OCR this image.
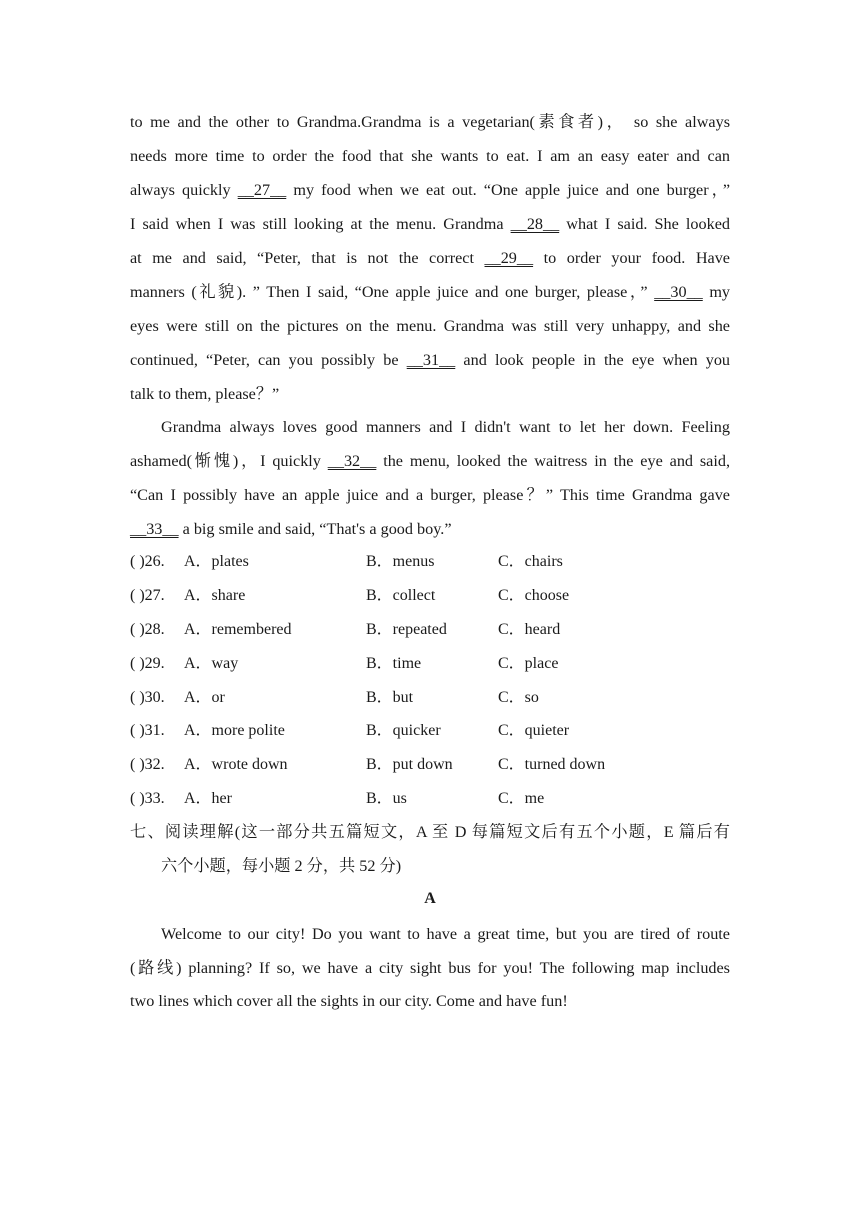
to me and the other to Grandma.Grandma is a vegetarian(素食者)， so she always
needs more time to order the food that she wants to eat. I am an easy eater and can
always quickly __27__ my food when we eat out. “One apple juice and one burger，”
I said when I was still looking at the menu. Grandma __28__ what I said. She looked
at me and said, “Peter, that is not the correct __29__ to order your food. Have
manners (礼貌). ” Then I said, “One apple juice and one burger, please，” __30__ my
eyes were still on the pictures on the menu. Grandma was still very unhappy, and she
continued, “Peter, can you possibly be __31__ and look people in the eye when you
talk to them, please？”
Grandma always loves good manners and I didn't want to let her down. Feeling
ashamed(惭愧)，I quickly __32__ the menu, looked the waitress in the eye and said,
“Can I possibly have an apple juice and a burger, please？” This time Grandma gave
__33__ a big smile and said, “That's a good boy.”
( )26. A．plates	B．menus	C．chairs
( )27. A．share	B．collect	C．choose
( )28. A．remembered	B．repeated	C．heard
( )29. A．way	B．time	C．place
( )30. A．or	B．but	C．so
( )31. A．more polite	B．quicker	C．quieter
( )32. A．wrote down	B．put down	C．turned down
( )33. A．her	B．us	C．me
七、阅读理解(这一部分共五篇短文，A 至 D 每篇短文后有五个小题，E 篇后有
六个小题，每小题 2 分，共 52 分)
A
Welcome to our city! Do you want to have a great time, but you are tired of route
(路线) planning? If so, we have a city sight bus for you! The following map includes
two lines which cover all the sights in our city. Come and have fun!
